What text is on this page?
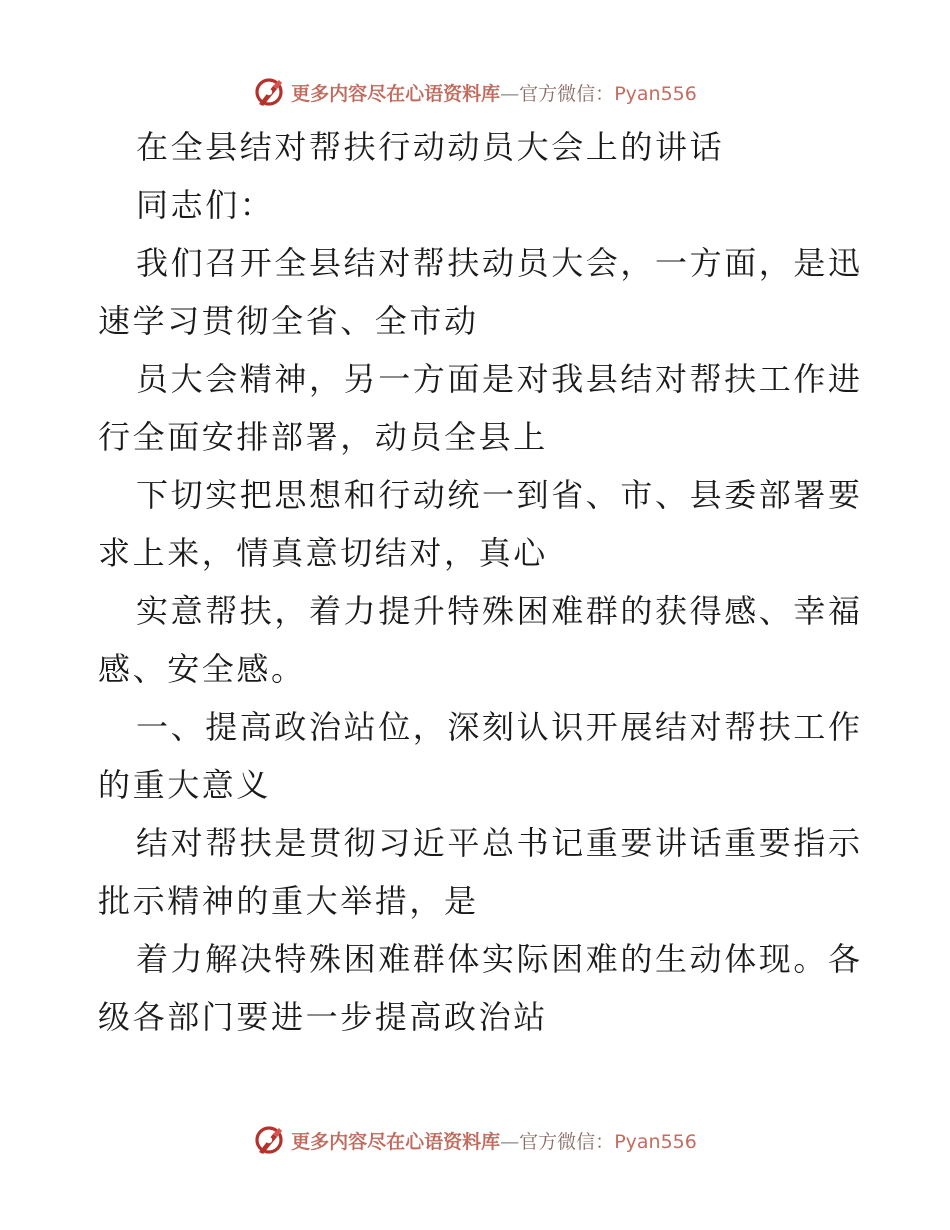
更多内容尽在心语资料库—官方微信：Pyan556
在全县结对帮扶行动动员大会上的讲话
同志们：
我们召开全县结对帮扶动员大会，一方面，是迅
速学习贯彻全省、全市动
员大会精神，另一方面是对我县结对帮扶工作进
行全面安排部署，动员全县上
下切实把思想和行动统一到省、市、县委部署要
求上来，情真意切结对，真心
实意帮扶，着力提升特殊困难群的获得感、幸福
感、安全感。
一、提高政治站位，深刻认识开展结对帮扶工作
的重大意义
结对帮扶是贯彻习近平总书记重要讲话重要指示
批示精神的重大举措，是
着力解决特殊困难群体实际困难的生动体现。各
级各部门要进一步提高政治站
更多内容尽在心语资料库—官方微信：Pyan556
